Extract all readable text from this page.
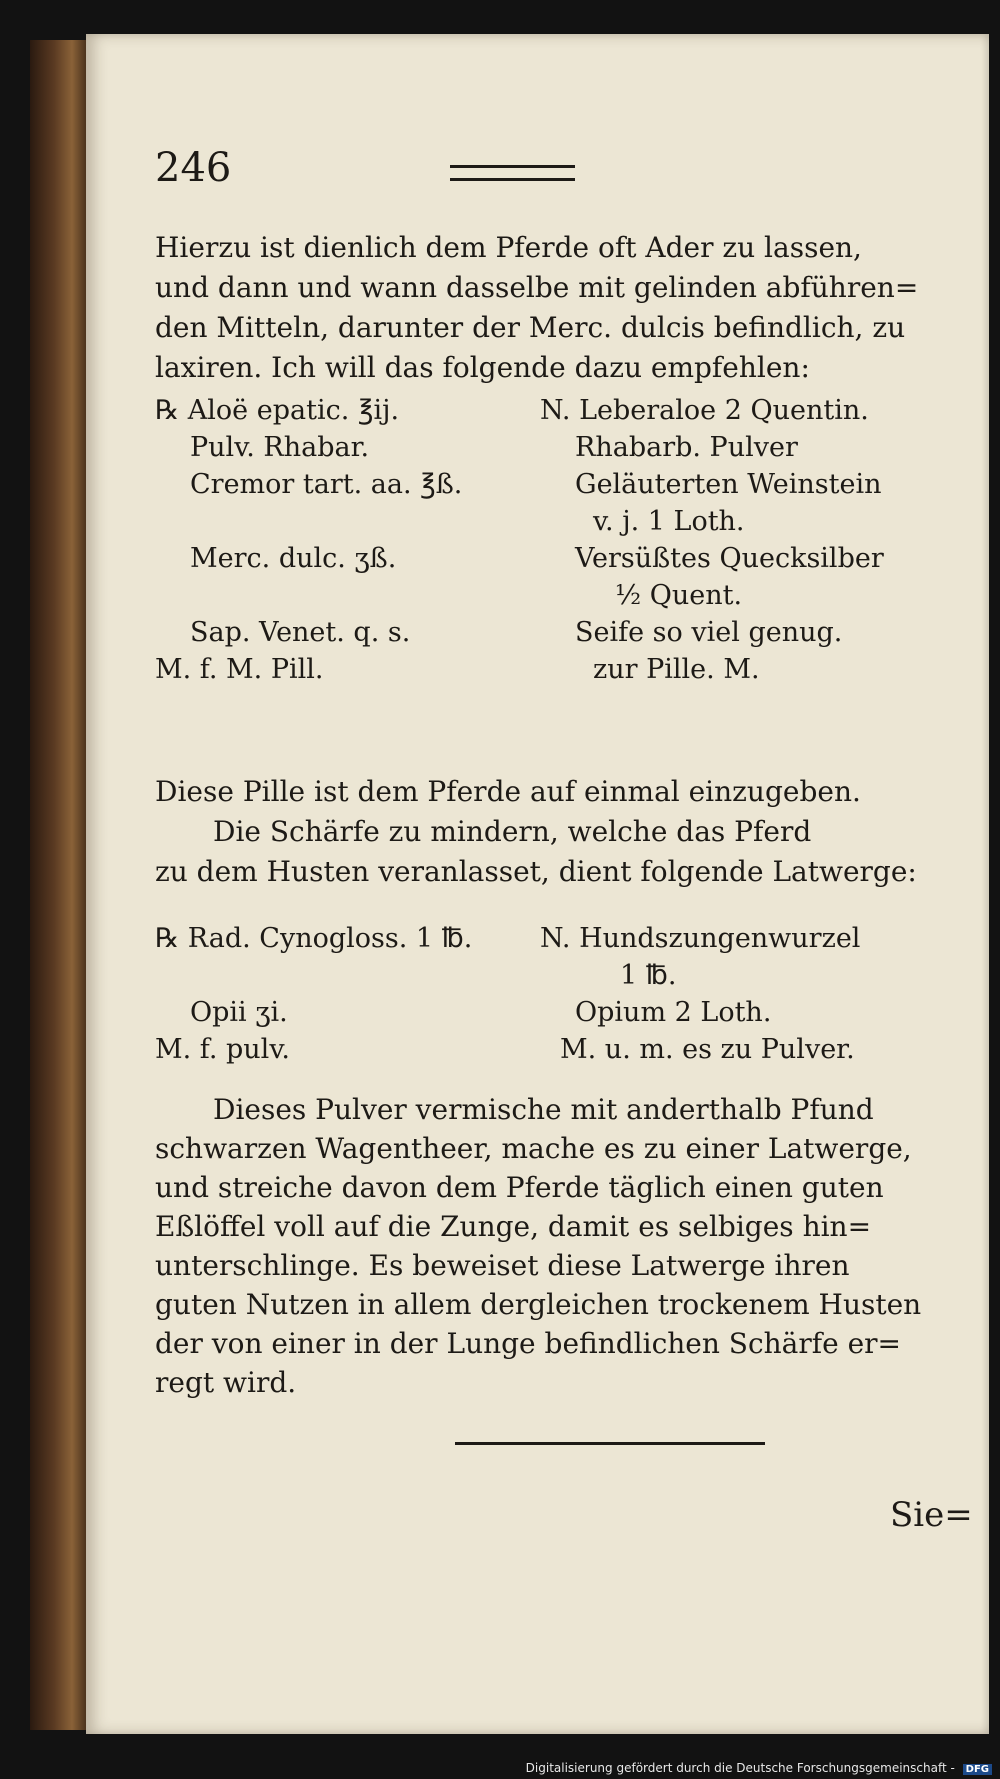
246
Hierzu ist dienlich dem Pferde oft Ader zu lassen,
und dann und wann dasselbe mit gelinden abführen=
den Mitteln, darunter der Merc. dulcis befindlich, zu
laxiren. Ich will das folgende dazu empfehlen:
℞ Aloë epatic. ℥ij.
Pulv. Rhabar.
Cremor tart. aa. ℥ß.
Merc. dulc. ʒß.
Sap. Venet. q. s.
M. f. M. Pill.
N. Leberaloe 2 Quentin.
Rhabarb. Pulver
Geläuterten Weinstein
v. j. 1 Loth.
Versüßtes Quecksilber
½ Quent.
Seife so viel genug.
zur Pille. M.
Diese Pille ist dem Pferde auf einmal einzugeben.
Die Schärfe zu mindern, welche das Pferd
zu dem Husten veranlasset, dient folgende Latwerge:
℞ Rad. Cynogloss. 1 ℔.
Opii ʒi.
M. f. pulv.
N. Hundszungenwurzel
1 ℔.
Opium 2 Loth.
M. u. m. es zu Pulver.
Dieses Pulver vermische mit anderthalb Pfund
schwarzen Wagentheer, mache es zu einer Latwerge,
und streiche davon dem Pferde täglich einen guten
Eßlöffel voll auf die Zunge, damit es selbiges hin=
unterschlinge. Es beweiset diese Latwerge ihren
guten Nutzen in allem dergleichen trockenem Husten
der von einer in der Lunge befindlichen Schärfe er=
regt wird.
Sie=
Digitalisierung gefördert durch die Deutsche Forschungsgemeinschaft - DFG
